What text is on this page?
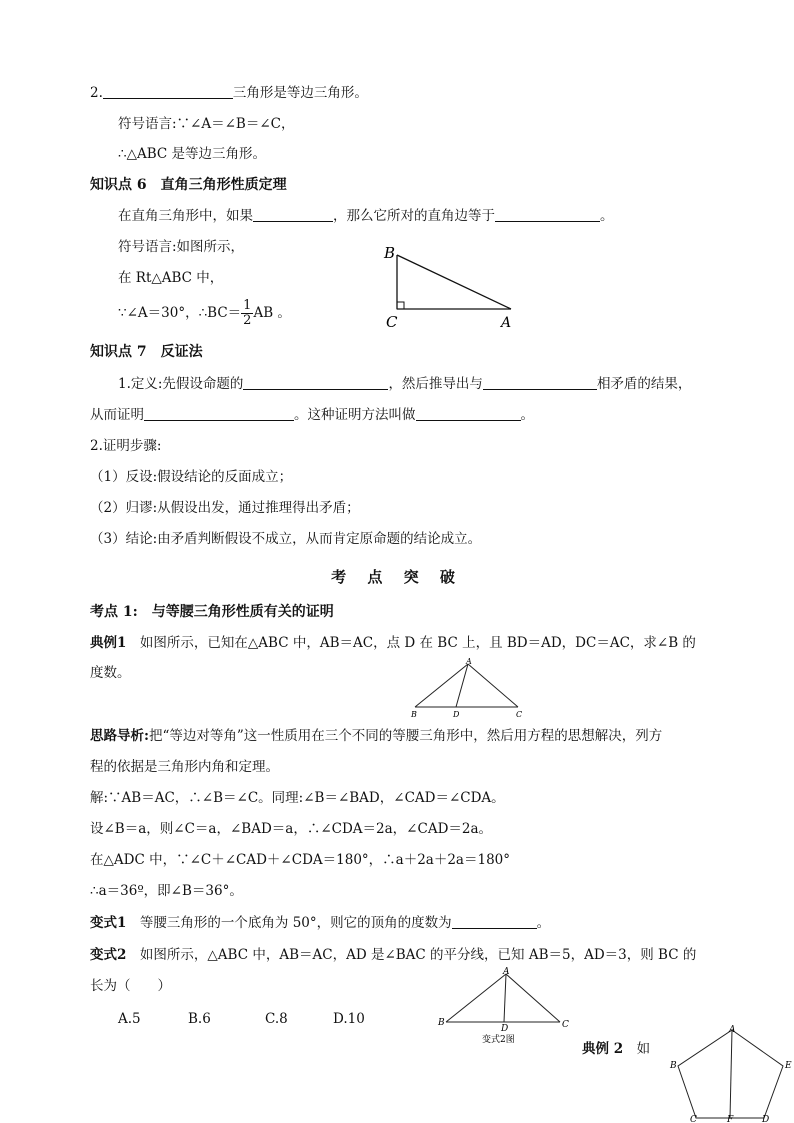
2.	三角形是等边三角形。
符号语言:∵∠A＝∠B＝∠C，
∴△ABC 是等边三角形。
知识点 6　直角三角形性质定理
在直角三角形中，如果	，那么它所对的直角边等于	。
符号语言:如图所示，
在 Rt△ABC 中，
∵∠A＝30°，∴BC＝ $\frac{1}{2}$ AB 。
B
C	A
知识点 7　反证法
1.定义:先假设命题的	，然后推导出与	相矛盾的结果，
从而证明	。这种证明方法叫做	。
2.证明步骤:
（1）反设:假设结论的反面成立；
（2）归谬:从假设出发，通过推理得出矛盾；
（3）结论:由矛盾判断假设不成立，从而肯定原命题的结论成立。
考 点 突 破
考点 1:　与等腰三角形性质有关的证明
典例1　如图所示，已知在△ABC 中，AB＝AC，点 D 在 BC 上，且 BD＝AD，DC＝AC，求∠B 的
度数。
A
B	D	C
思路导析:把“等边对等角”这一性质用在三个不同的等腰三角形中，然后用方程的思想解决，列方
程的依据是三角形内角和定理。
解:∵AB＝AC，∴∠B＝∠C。同理:∠B＝∠BAD，∠CAD＝∠CDA。
设∠B＝a，则∠C＝a，∠BAD＝a，∴∠CDA＝2a，∠CAD＝2a。
在△ADC 中，∵∠C＋∠CAD＋∠CDA＝180°，∴a＋2a＋2a＝180°
∴a＝36º，即∠B＝36°。
变式1　等腰三角形的一个底角为 50°，则它的顶角的度数为	。
变式2　如图所示，△ABC 中，AB＝AC，AD 是∠BAC 的平分线，已知 AB＝5，AD＝3，则 BC 的
长为（　　）
A.5	B.6	C.8	D.10
A
B
D	C
变式2图
典例 2　如
A
B	E
C	F	D
